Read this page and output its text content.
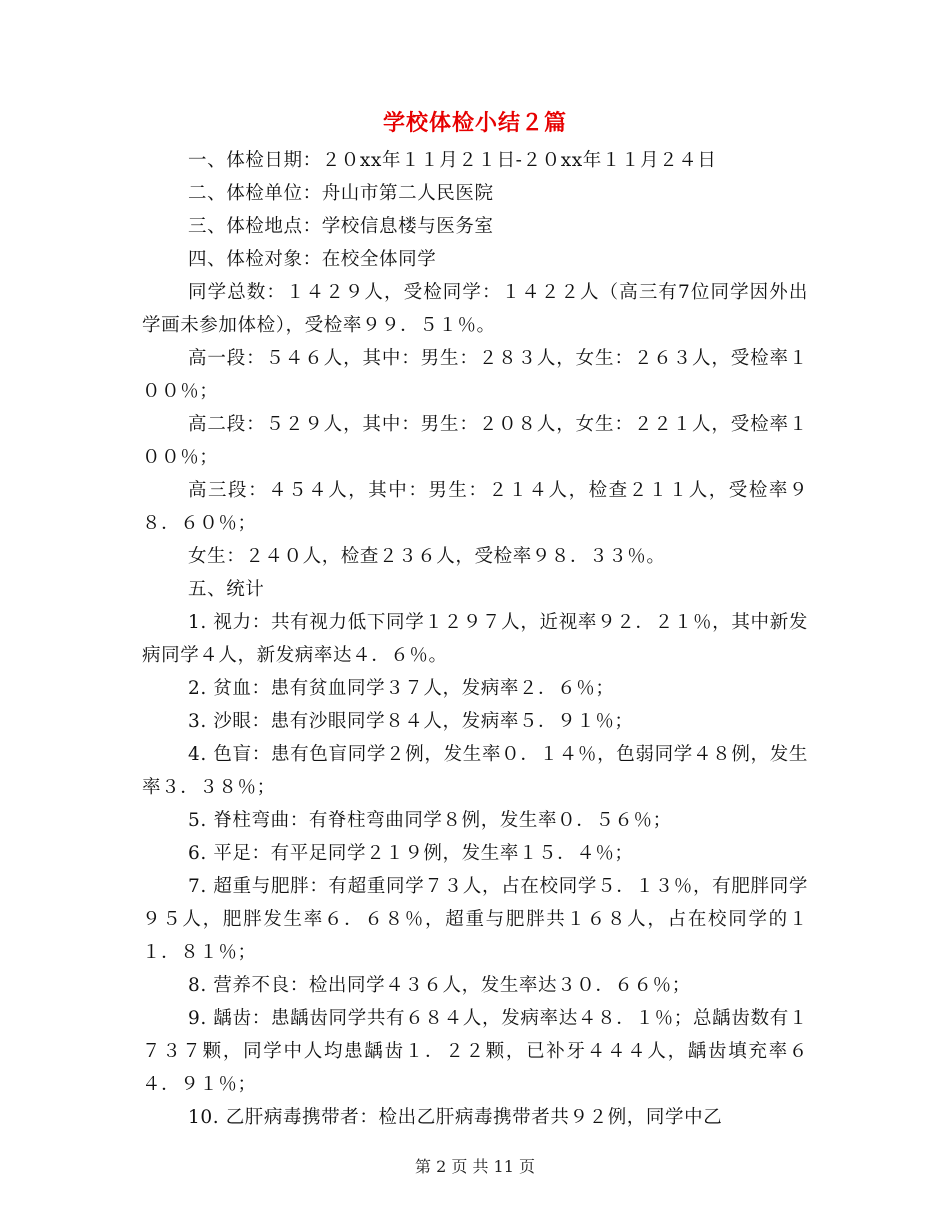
学校体检小结２篇

一、体检日期：２０xx年１１月２１日-２０xx年１１月２４日

二、体检单位：舟山市第二人民医院

三、体检地点：学校信息楼与医务室

四、体检对象：在校全体同学

同学总数：１４２９人，受检同学：１４２２人（高三有7位同学因外出学画未参加体检），受检率９９．５１％。

高一段：５４６人，其中：男生：２８３人，女生：２６３人，受检率１００％；

高二段：５２９人，其中：男生：２０８人，女生：２２１人，受检率１００％；

高三段：４５４人，其中：男生：２１４人，检查２１１人，受检率９８．６０％；

女生：２４０人，检查２３６人，受检率９８．３３％。

五、统计

1. 视力：共有视力低下同学１２９７人，近视率９２．２１％，其中新发病同学４人，新发病率达４．６％。

2. 贫血：患有贫血同学３７人，发病率２．６％；

3. 沙眼：患有沙眼同学８４人，发病率５．９１％；

4. 色盲：患有色盲同学２例，发生率０．１４％，色弱同学４８例，发生率３．３８％；

5. 脊柱弯曲：有脊柱弯曲同学８例，发生率０．５６％；

6. 平足：有平足同学２１９例，发生率１５．４％；

7. 超重与肥胖：有超重同学７３人，占在校同学５．１３％，有肥胖同学９５人，肥胖发生率６．６８％，超重与肥胖共１６８人，占在校同学的１１．８１％；

8. 营养不良：检出同学４３６人，发生率达３０．６６％；

9. 龋齿：患龋齿同学共有６８４人，发病率达４８．１％；总龋齿数有１７３７颗，同学中人均患龋齿１．２２颗，已补牙４４４人，龋齿填充率６４．９１％；

10. 乙肝病毒携带者：检出乙肝病毒携带者共９２例，同学中乙

第 2 页 共 11 页
